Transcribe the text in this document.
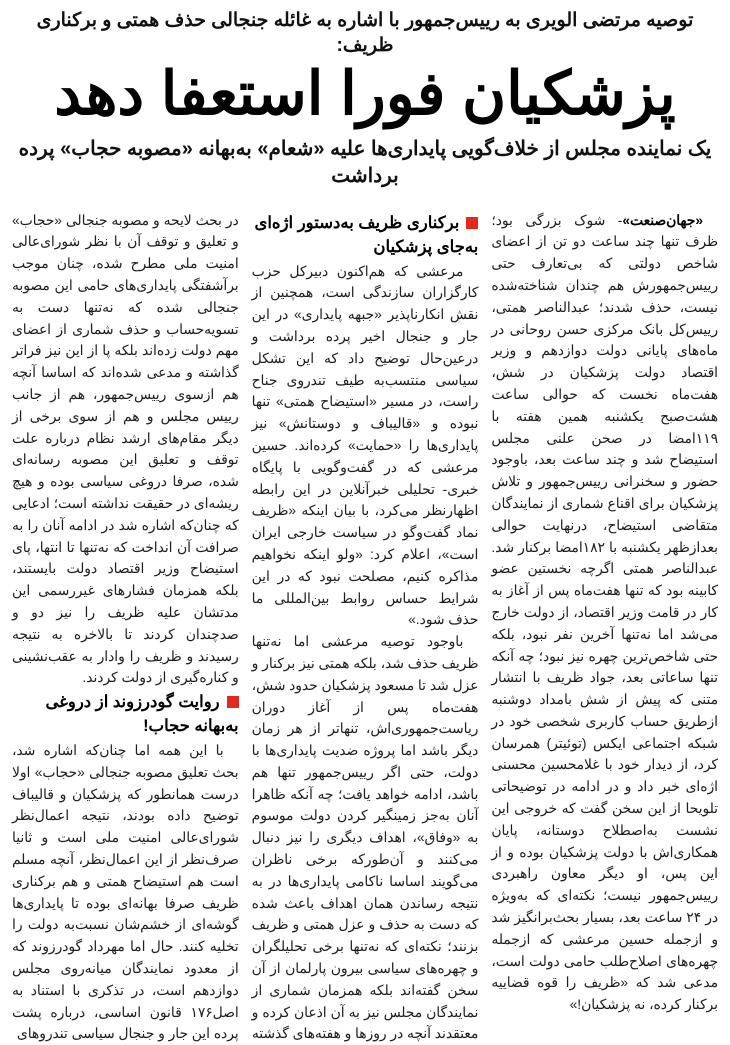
توصیه مرتضی الویری به رییس‌جمهور با اشاره به غائله جنجالی حذف همتی و برکناری ظریف:
پزشکیان فورا استعفا دهد
یک نماینده مجلس از خلاف‌گویی پایداری‌ها علیه «شعام» به‌بهانه «مصوبه حجاب» پرده برداشت

«جهان‌صنعت»- شوک بزرگی بود؛ ظرف تنها چند ساعت دو تن از اعضای شاخص دولتی که بی‌تعارف حتی رییس‌جمهورش هم چندان شناخته‌شده نیست، حذف شدند؛ عبدالناصر همتی، رییس‌کل بانک مرکزی حسن روحانی در ماه‌های پایانی دولت دوازدهم و وزیر اقتصاد دولت پزشکیان در شش، هفت‌ماه نخست که حوالی ساعت هشت‌صبح یکشنبه همین هفته با ۱۱۹امضا در صحن علنی مجلس استیضاح شد و چند ساعت بعد، باوجود حضور و سخنرانی رییس‌جمهور و تلاش پزشکیان برای اقناع شماری از نمایندگان متقاضی استیضاح، درنهایت حوالی بعدازظهر یکشنبه با ۱۸۲امضا برکنار شد. عبدالناصر همتی اگرچه نخستین عضو کابینه بود که تنها هفت‌ماه پس از آغاز به کار در قامت وزیر اقتصاد، از دولت خارج می‌شد اما نه‌تنها آخرین نفر نبود، بلکه حتی شاخص‌ترین چهره نیز نبود؛ چه آنکه تنها ساعاتی بعد، جواد ظریف با انتشار متنی که پیش از شش بامداد دوشنبه ازطریق حساب کاربری شخصی خود در شبکه اجتماعی ایکس (توئیتر) همرسان کرد، از دیدار خود با غلامحسین محسنی اژه‌ای خبر داد و در ادامه در توضیحاتی تلویحا از این سخن گفت که خروجی این نشست به‌اصطلاح دوستانه، پایان همکاری‌اش با دولت پزشکیان بوده و از این پس، او دیگر معاون راهبردی رییس‌جمهور نیست؛ نکته‌ای که به‌ویژه در ۲۴ ساعت بعد، بسیار بحث‌برانگیز شد و ازجمله حسین مرعشی که ازجمله چهره‌های اصلاح‌طلب حامی دولت است، مدعی شد که «ظریف را قوه قضاییه برکنار کرده، نه پزشکیان!»

برکناری ظریف به‌دستور اژه‌ای به‌جای پزشکیان

مرعشی که هم‌اکنون دبیرکل حزب کارگزاران سازندگی است، همچنین از نقش انکارناپذیر «جبهه پایداری» در این جار و جنجال اخیر پرده برداشت و درعین‌حال توضیح داد که این تشکل سیاسی منتسب‌به طیف تندروی جناح راست، در مسیر «استیضاح همتی» تنها نبوده و «قالیباف و دوستانش» نیز پایداری‌ها را «حمایت» کرده‌اند. حسین مرعشی که در گفت‌وگویی با پایگاه خبری- تحلیلی خبرآنلاین در این رابطه اظهارنظر می‌کرد، با بیان اینکه «ظریف نماد گفت‌وگو در سیاست خارجی ایران است»، اعلام کرد: «ولو اینکه نخواهیم مذاکره کنیم، مصلحت نبود که در این شرایط حساس روابط بین‌المللی ما حذف شود.»

باوجود توصیه مرعشی اما نه‌تنها ظریف حذف شد، بلکه همتی نیز برکنار و عزل شد تا مسعود پزشکیان حدود شش، هفت‌ماه پس از آغاز دوران ریاست‌جمهوری‌اش، تنهاتر از هر زمان دیگر باشد اما پروژه ضدیت پایداری‌ها با دولت، حتی اگر رییس‌جمهور تنها هم باشد، ادامه خواهد یافت؛ چه آنکه ظاهرا آنان به‌جز زمینگیر کردن دولت موسوم به «وفاق»، اهداف دیگری را نیز دنبال می‌کنند و آن‌طورکه برخی ناظران می‌گویند اساسا ناکامی پایداری‌ها در به نتیجه رساندن همان اهداف باعث شده که دست به حذف و عزل همتی و ظریف بزنند؛ نکته‌ای که نه‌تنها برخی تحلیلگران و چهره‌های سیاسی بیرون پارلمان از آن سخن گفته‌اند بلکه همزمان شماری از نمایندگان مجلس نیز به آن اذعان کرده و معتقدند آنچه در روزها و هفته‌های گذشته

در بحث لایحه و مصوبه جنجالی «حجاب» و تعلیق و توقف آن با نظر شورای‌عالی امنیت ملی مطرح شده، چنان موجب برآشفتگی پایداری‌های حامی این مصوبه جنجالی شده که نه‌تنها دست به تسویه‌حساب و حذف شماری از اعضای مهم دولت زده‌اند بلکه پا از این نیز فراتر گذاشته و مدعی شده‌اند که اساسا آنچه هم ازسوی رییس‌جمهور، هم از جانب رییس مجلس و هم از سوی برخی از دیگر مقام‌های ارشد نظام درباره علت توقف و تعلیق این مصوبه رسانه‌ای شده، صرفا دروغی سیاسی بوده و هیچ ریشه‌ای در حقیقت نداشته است؛ ادعایی که چنان‌که اشاره شد در ادامه آنان را به صرافت آن انداخت که نه‌تنها تا انتها، پای استیضاح وزیر اقتصاد دولت بایستند، بلکه همزمان فشارهای غیررسمی این مدتشان علیه ظریف را نیز دو و صدچندان کردند تا بالاخره به نتیجه رسیدند و ظریف را وادار به عقب‌نشینی و کناره‌گیری از دولت کردند.

روایت گودرزوند از دروغی به‌بهانه حجاب!

با این همه اما چنان‌که اشاره شد، بحث تعلیق مصوبه جنجالی «حجاب» اولا درست همانطور که پزشکیان و قالیباف توضیح داده بودند، نتیجه اعمال‌نظر شورای‌عالی امنیت ملی است و ثانیا صرف‌نظر از این اعمال‌نظر، آنچه مسلم است هم استیضاح همتی و هم برکناری ظریف صرفا بهانه‌ای بوده تا پایداری‌ها گوشه‌ای از خشم‌شان نسبت‌به دولت را تخلیه کنند. حال اما مهرداد گودرزوند که از معدود نمایندگان میانه‌روی مجلس دوازدهم است، در تذکری با استناد به اصل۱۷۶ قانون اساسی، درباره پشت پرده این جار و جنجال سیاسی تندروهای
